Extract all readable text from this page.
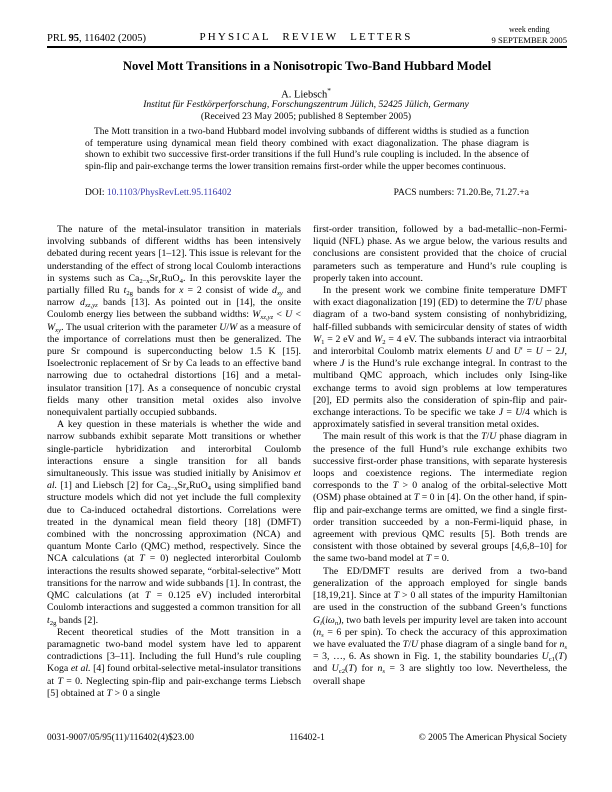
PRL 95, 116402 (2005)	PHYSICAL REVIEW LETTERS
week ending
9 SEPTEMBER 2005
Novel Mott Transitions in a Nonisotropic Two-Band Hubbard Model
A. Liebsch*
Institut für Festkörperforschung, Forschungszentrum Jülich, 52425 Jülich, Germany
(Received 23 May 2005; published 8 September 2005)
The Mott transition in a two-band Hubbard model involving subbands of different widths is studied as a function of temperature using dynamical mean field theory combined with exact diagonalization. The phase diagram is shown to exhibit two successive first-order transitions if the full Hund’s rule coupling is included. In the absence of spin-flip and pair-exchange terms the lower transition remains first-order while the upper becomes continuous.
DOI: 10.1103/PhysRevLett.95.116402	PACS numbers: 71.20.Be, 71.27.+a

The nature of the metal-insulator transition in materials involving subbands of different widths has been intensively debated during recent years [1–12]. This issue is relevant for the understanding of the effect of strong local Coulomb interactions in systems such as $Ca_{2-x}Sr_xRuO_4$. In this perovskite layer the partially filled Ru $t_{2g}$ bands for x = 2 consist of wide $d_{xy}$ and narrow $d_{xz,yz}$ bands [13]. As pointed out in [14], the onsite Coulomb energy lies between the subband widths: $W_{xz,yz} < U < W_{xy}$. The usual criterion with the parameter U/W as a measure of the importance of correlations must then be generalized. The pure Sr compound is superconducting below 1.5 K [15]. Isoelectronic replacement of Sr by Ca leads to an effective band narrowing due to octahedral distortions [16] and a metal-insulator transition [17]. As a consequence of noncubic crystal fields many other transition metal oxides also involve nonequivalent partially occupied subbands.

A key question in these materials is whether the wide and narrow subbands exhibit separate Mott transitions or whether single-particle hybridization and interorbital Coulomb interactions ensure a single transition for all bands simultaneously. This issue was studied initially by Anisimov et al. [1] and Liebsch [2] for $Ca_{2-x}Sr_xRuO_4$ using simplified band structure models which did not yet include the full complexity due to Ca-induced octahedral distortions. Correlations were treated in the dynamical mean field theory [18] (DMFT) combined with the noncrossing approximation (NCA) and quantum Monte Carlo (QMC) method, respectively. Since the NCA calculations (at T = 0) neglected interorbital Coulomb interactions the results showed separate, “orbital-selective” Mott transitions for the narrow and wide subbands [1]. In contrast, the QMC calculations (at T = 0.125 eV) included interorbital Coulomb interactions and suggested a common transition for all $t_{2g}$ bands [2].

Recent theoretical studies of the Mott transition in a paramagnetic two-band model system have led to apparent contradictions [3–11]. Including the full Hund’s rule coupling Koga et al. [4] found orbital-selective metal-insulator transitions at T = 0. Neglecting spin-flip and pair-exchange terms Liebsch [5] obtained at T > 0 a single

first-order transition, followed by a bad-metallic–non-Fermi-liquid (NFL) phase. As we argue below, the various results and conclusions are consistent provided that the choice of crucial parameters such as temperature and Hund’s rule coupling is properly taken into account.

In the present work we combine finite temperature DMFT with exact diagonalization [19] (ED) to determine the T/U phase diagram of a two-band system consisting of nonhybridizing, half-filled subbands with semicircular density of states of width $W_1 = 2$ eV and $W_2 = 4$ eV. The subbands interact via intraorbital and interorbital Coulomb matrix elements U and U′ = U − 2J, where J is the Hund’s rule exchange integral. In contrast to the multiband QMC approach, which includes only Ising-like exchange terms to avoid sign problems at low temperatures [20], ED permits also the consideration of spin-flip and pair-exchange interactions. To be specific we take J = U/4 which is approximately satisfied in several transition metal oxides.

The main result of this work is that the T/U phase diagram in the presence of the full Hund’s rule exchange exhibits two successive first-order phase transitions, with separate hysteresis loops and coexistence regions. The intermediate region corresponds to the T > 0 analog of the orbital-selective Mott (OSM) phase obtained at T = 0 in [4]. On the other hand, if spin-flip and pair-exchange terms are omitted, we find a single first-order transition succeeded by a non-Fermi-liquid phase, in agreement with previous QMC results [5]. Both trends are consistent with those obtained by several groups [4,6,8–10] for the same two-band model at T = 0.

The ED/DMFT results are derived from a two-band generalization of the approach employed for single bands [18,19,21]. Since at T > 0 all states of the impurity Hamiltonian are used in the construction of the subband Green’s functions $G_i(i\omega_n)$, two bath levels per impurity level are taken into account ($n_s = 6$ per spin). To check the accuracy of this approximation we have evaluated the T/U phase diagram of a single band for $n_s = 3$, …, 6. As shown in Fig. 1, the stability boundaries $U_{c1}(T)$ and $U_{c2}(T)$ for $n_s = 3$ are slightly too low. Nevertheless, the overall shape

0031-9007/05/95(11)/116402(4)$23.00	116402-1	© 2005 The American Physical Society
